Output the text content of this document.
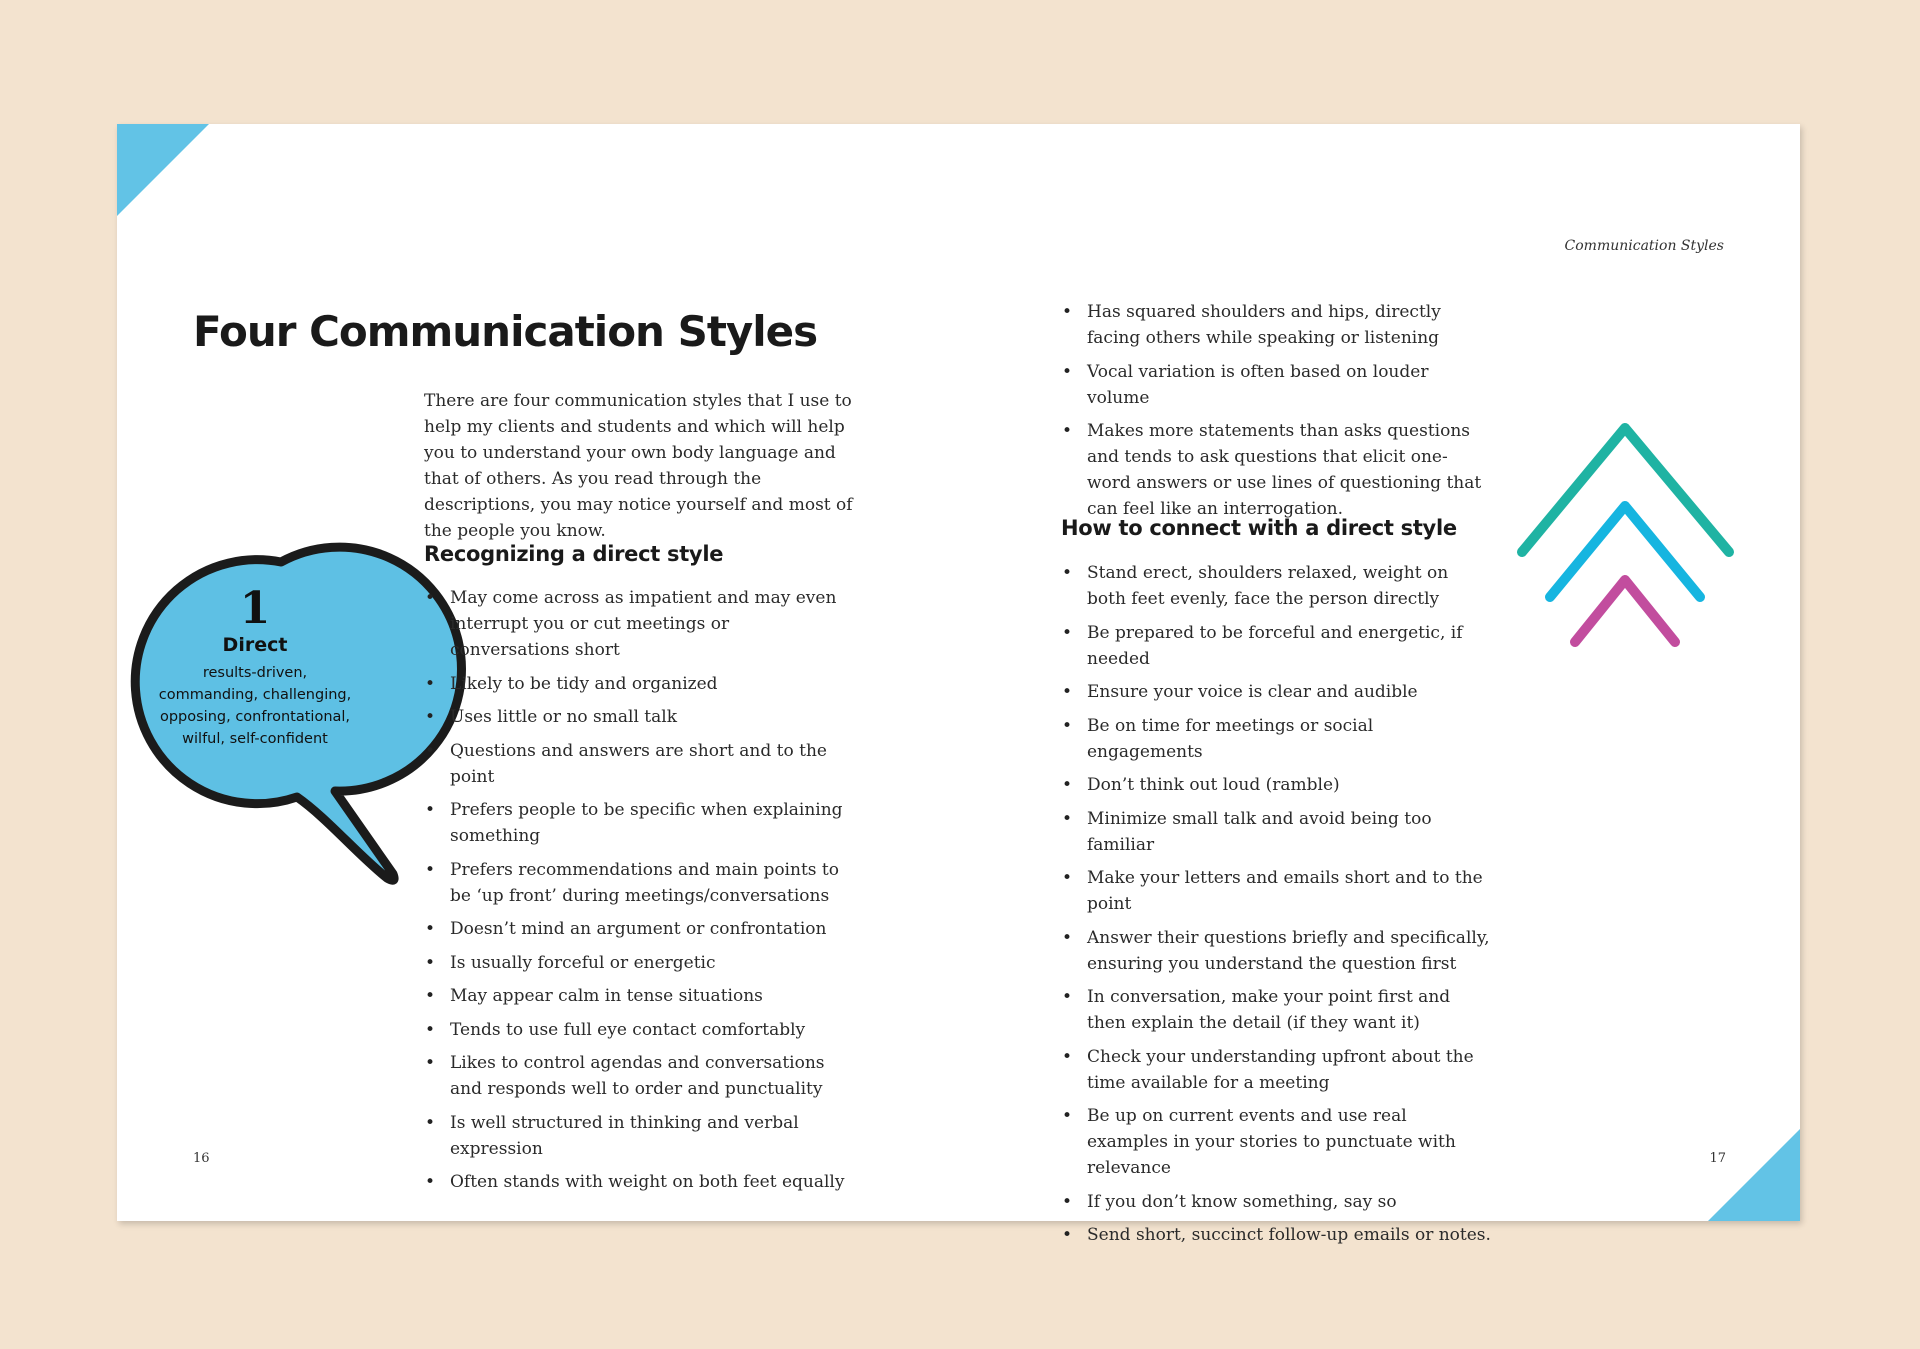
Communication Styles
Four Communication Styles

There are four communication styles that I use to help my clients and students and which will help you to understand your own body language and that of others. As you read through the descriptions, you may notice yourself and most of the people you know.

1
Direct
results-driven, commanding, challenging, opposing, confrontational, wilful, self-confident
Recognizing a direct style
• May come across as impatient and may even interrupt you or cut meetings or conversations short
• Likely to be tidy and organized
• Uses little or no small talk
• Questions and answers are short and to the point
• Prefers people to be specific when explaining something
• Prefers recommendations and main points to be ‘up front’ during meetings/conversations
• Doesn’t mind an argument or confrontation
• Is usually forceful or energetic
• May appear calm in tense situations
• Tends to use full eye contact comfortably
• Likes to control agendas and conversations and responds well to order and punctuality
• Is well structured in thinking and verbal expression
• Often stands with weight on both feet equally
• Has squared shoulders and hips, directly facing others while speaking or listening
• Vocal variation is often based on louder volume
• Makes more statements than asks questions and tends to ask questions that elicit one-word answers or use lines of questioning that can feel like an interrogation.
How to connect with a direct style
• Stand erect, shoulders relaxed, weight on both feet evenly, face the person directly
• Be prepared to be forceful and energetic, if needed
• Ensure your voice is clear and audible
• Be on time for meetings or social engagements
• Don’t think out loud (ramble)
• Minimize small talk and avoid being too familiar
• Make your letters and emails short and to the point
• Answer their questions briefly and specifically, ensuring you understand the question first
• In conversation, make your point first and then explain the detail (if they want it)
• Check your understanding upfront about the time available for a meeting
• Be up on current events and use real examples in your stories to punctuate with relevance
• If you don’t know something, say so
• Send short, succinct follow-up emails or notes.
16	17
